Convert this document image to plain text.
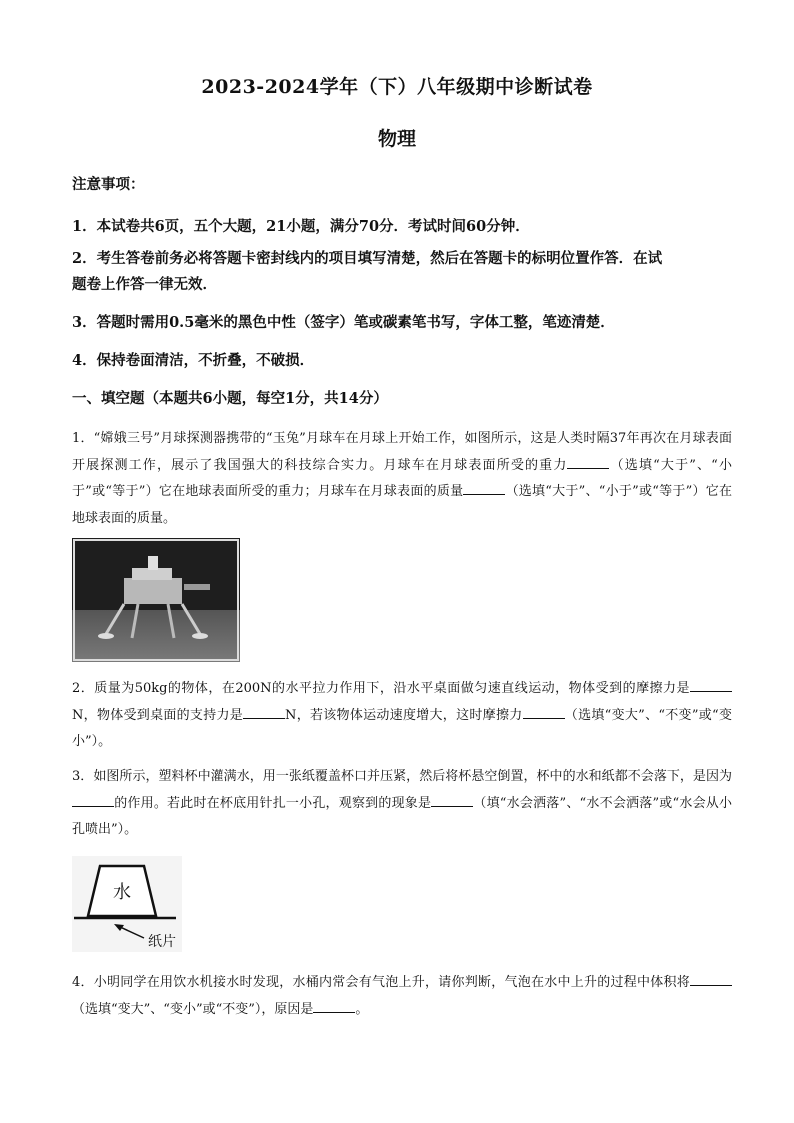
2023-2024学年（下）八年级期中诊断试卷
物理
注意事项：
1．本试卷共6页，五个大题，21小题，满分70分．考试时间60分钟．
2．考生答卷前务必将答题卡密封线内的项目填写清楚，然后在答题卡的标明位置作答．在试
题卷上作答一律无效．
3．答题时需用0.5毫米的黑色中性（签字）笔或碳素笔书写，字体工整，笔迹清楚．
4．保持卷面清洁，不折叠，不破损．
一、填空题（本题共6小题，每空1分，共14分）
1．“嫦娥三号”月球探测器携带的“玉兔”月球车在月球上开始工作，如图所示，这是人类时隔37年再次在月球表面开展探测工作，展示了我国强大的科技综合实力。月球车在月球表面所受的重力	（选填“大于”、“小于”或“等于”）它在地球表面所受的重力；月球车在月球表面的质量	（选填“大于”、“小于”或“等于”）它在地球表面的质量。
2．质量为50kg的物体，在200N的水平拉力作用下，沿水平桌面做匀速直线运动，物体受到的摩擦力是N，物体受到桌面的支持力是	N，若该物体运动速度增大，这时摩擦力	（选填“变大”、“不变”或“变小”）。
3．如图所示，塑料杯中灌满水，用一张纸覆盖杯口并压紧，然后将杯悬空倒置，杯中的水和纸都不会落下，是因为的作用。若此时在杯底用针扎一小孔，观察到的现象是	（填“水会洒落”、“水不会洒落”或“水会从小孔喷出”）。
水
纸片
4．小明同学在用饮水机接水时发现，水桶内常会有气泡上升，请你判断，气泡在水中上升的过程中体积将（选填“变大”、“变小”或“不变”），原因是	。
